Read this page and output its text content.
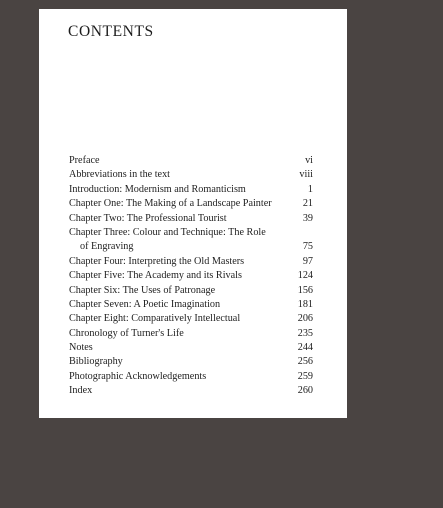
CONTENTS
Preface	vi
Abbreviations in the text	viii
Introduction: Modernism and Romanticism	1
Chapter One: The Making of a Landscape Painter	21
Chapter Two: The Professional Tourist	39
Chapter Three: Colour and Technique: The Role
of Engraving	75
Chapter Four: Interpreting the Old Masters	97
Chapter Five: The Academy and its Rivals	124
Chapter Six: The Uses of Patronage	156
Chapter Seven: A Poetic Imagination	181
Chapter Eight: Comparatively Intellectual	206
Chronology of Turner's Life	235
Notes	244
Bibliography	256
Photographic Acknowledgements	259
Index	260
